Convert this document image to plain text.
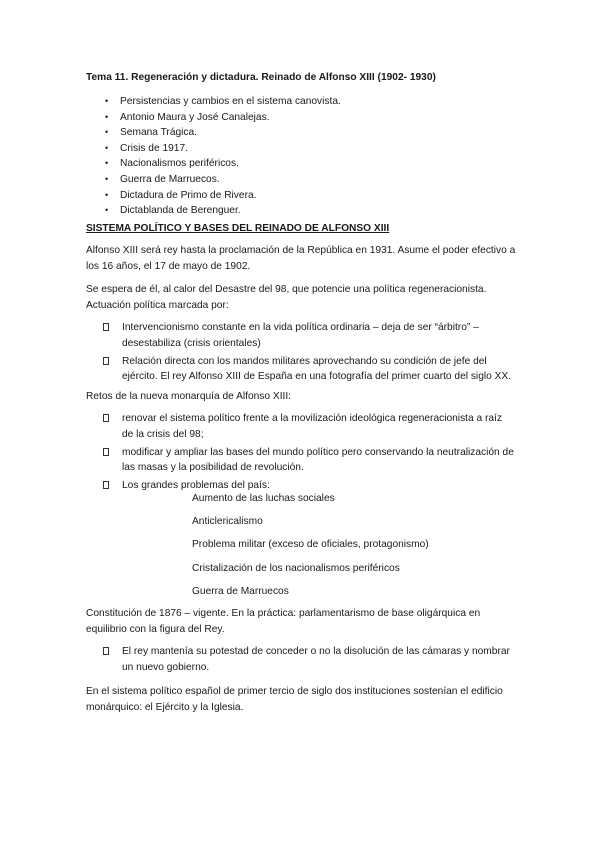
Tema 11. Regeneración y dictadura. Reinado de Alfonso XIII (1902- 1930)
• Persistencias y cambios en el sistema canovista.
• Antonio Maura y José Canalejas.
• Semana Trágica.
• Crisis de 1917.
• Nacionalismos periféricos.
• Guerra de Marruecos.
• Dictadura de Primo de Rivera.
• Dictablanda de Berenguer.
SISTEMA POLÍTICO Y BASES DEL REINADO DE ALFONSO XIII
Alfonso XIII será rey hasta la proclamación de la República en 1931. Asume el poder efectivo a los 16 años, el 17 de mayo de 1902.
Se espera de él, al calor del Desastre del 98, que potencie una política regeneracionista. Actuación política marcada por:
Intervencionismo constante en la vida política ordinaria – deja de ser “árbitro” – desestabiliza (crisis orientales)
Relación directa con los mandos militares aprovechando su condición de jefe del ejército. El rey Alfonso XIII de España en una fotografía del primer cuarto del siglo XX.
Retos de la nueva monarquía de Alfonso XIII:
renovar el sistema político frente a la movilización ideológica regeneracionista a raíz de la crisis del 98;
modificar y ampliar las bases del mundo político pero conservando la neutralización de las masas y la posibilidad de revolución.
Los grandes problemas del país:
Aumento de las luchas sociales
Anticlericalismo
Problema militar (exceso de oficiales, protagonismo)
Cristalización de los nacionalismos periféricos
Guerra de Marruecos
Constitución de 1876 – vigente. En la práctica: parlamentarismo de base oligárquica en equilibrio con la figura del Rey.
El rey mantenía su potestad de conceder o no la disolución de las cámaras y nombrar un nuevo gobierno.
En el sistema político español de primer tercio de siglo dos instituciones sostenían el edificio monárquico: el Ejército y la Iglesia.
